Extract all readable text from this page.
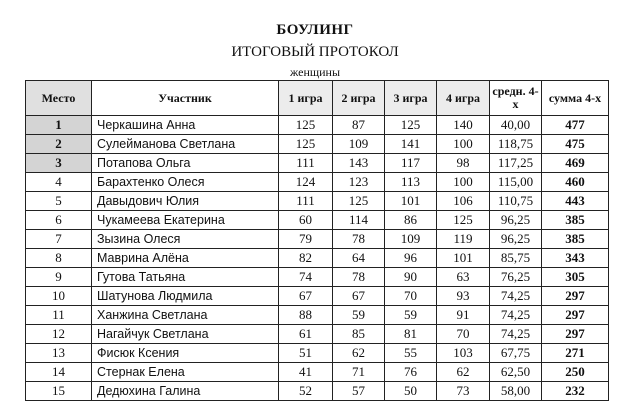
БОУЛИНГ
ИТОГОВЫЙ ПРОТОКОЛ
женщины
Место	Участник	1 игра	2 игра	3 игра	4 игра	средн. 4-х	сумма 4-х
1	Черкашина Анна	125	87	125	140	40,00	477
2	Сулейманова Светлана	125	109	141	100	118,75	475
3	Потапова Ольга	111	143	117	98	117,25	469
4	Барахтенко Олеся	124	123	113	100	115,00	460
5	Давыдович Юлия	111	125	101	106	110,75	443
6	Чукамеева Екатерина	60	114	86	125	96,25	385
7	Зызина Олеся	79	78	109	119	96,25	385
8	Маврина Алёна	82	64	96	101	85,75	343
9	Гутова Татьяна	74	78	90	63	76,25	305
10	Шатунова Людмила	67	67	70	93	74,25	297
11	Ханжина Светлана	88	59	59	91	74,25	297
12	Нагайчук Светлана	61	85	81	70	74,25	297
13	Фисюк Ксения	51	62	55	103	67,75	271
14	Стернак Елена	41	71	76	62	62,50	250
15	Дедюхина Галина	52	57	50	73	58,00	232
